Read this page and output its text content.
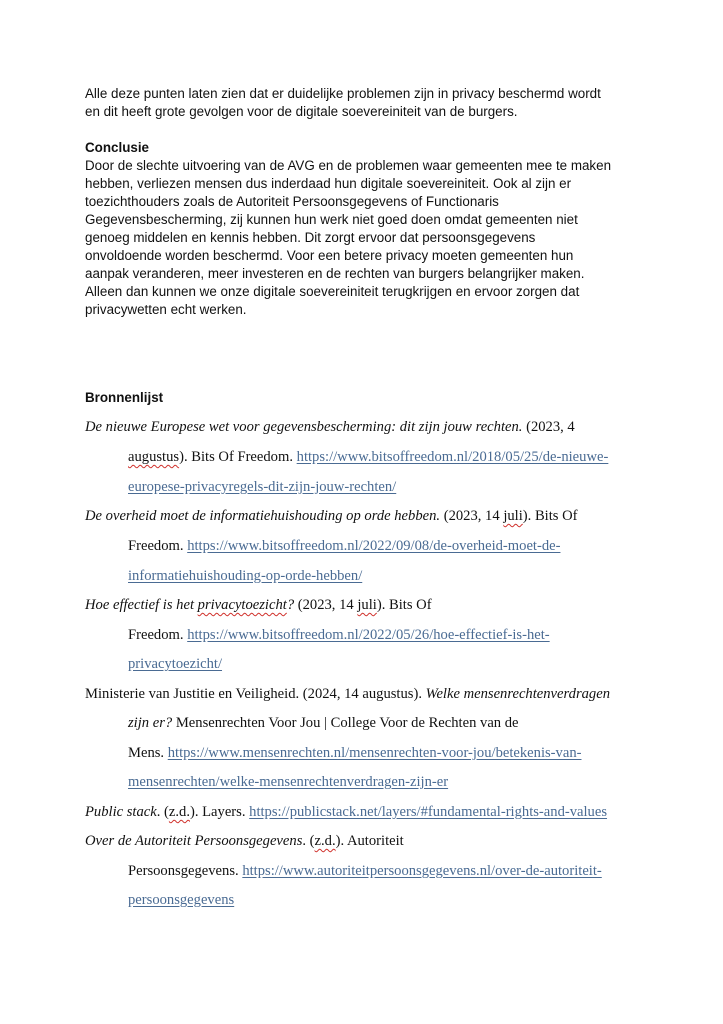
Alle deze punten laten zien dat er duidelijke problemen zijn in privacy beschermd wordt
en dit heeft grote gevolgen voor de digitale soevereiniteit van de burgers.
Conclusie
Door de slechte uitvoering van de AVG en de problemen waar gemeenten mee te maken
hebben, verliezen mensen dus inderdaad hun digitale soevereiniteit. Ook al zijn er
toezichthouders zoals de Autoriteit Persoonsgegevens of Functionaris
Gegevensbescherming, zij kunnen hun werk niet goed doen omdat gemeenten niet
genoeg middelen en kennis hebben. Dit zorgt ervoor dat persoonsgegevens
onvoldoende worden beschermd. Voor een betere privacy moeten gemeenten hun
aanpak veranderen, meer investeren en de rechten van burgers belangrijker maken.
Alleen dan kunnen we onze digitale soevereiniteit terugkrijgen en ervoor zorgen dat
privacywetten echt werken.
Bronnenlijst
De nieuwe Europese wet voor gegevensbescherming: dit zijn jouw rechten. (2023, 4
augustus). Bits Of Freedom. https://www.bitsoffreedom.nl/2018/05/25/de-nieuwe-
europese-privacyregels-dit-zijn-jouw-rechten/
De overheid moet de informatiehuishouding op orde hebben. (2023, 14 juli). Bits Of
Freedom. https://www.bitsoffreedom.nl/2022/09/08/de-overheid-moet-de-
informatiehuishouding-op-orde-hebben/
Hoe effectief is het privacytoezicht? (2023, 14 juli). Bits Of
Freedom. https://www.bitsoffreedom.nl/2022/05/26/hoe-effectief-is-het-
privacytoezicht/
Ministerie van Justitie en Veiligheid. (2024, 14 augustus). Welke mensenrechtenverdragen
zijn er? Mensenrechten Voor Jou | College Voor de Rechten van de
Mens. https://www.mensenrechten.nl/mensenrechten-voor-jou/betekenis-van-
mensenrechten/welke-mensenrechtenverdragen-zijn-er
Public stack. (z.d.). Layers. https://publicstack.net/layers/#fundamental-rights-and-values
Over de Autoriteit Persoonsgegevens. (z.d.). Autoriteit
Persoonsgegevens. https://www.autoriteitpersoonsgegevens.nl/over-de-autoriteit-
persoonsgegevens
